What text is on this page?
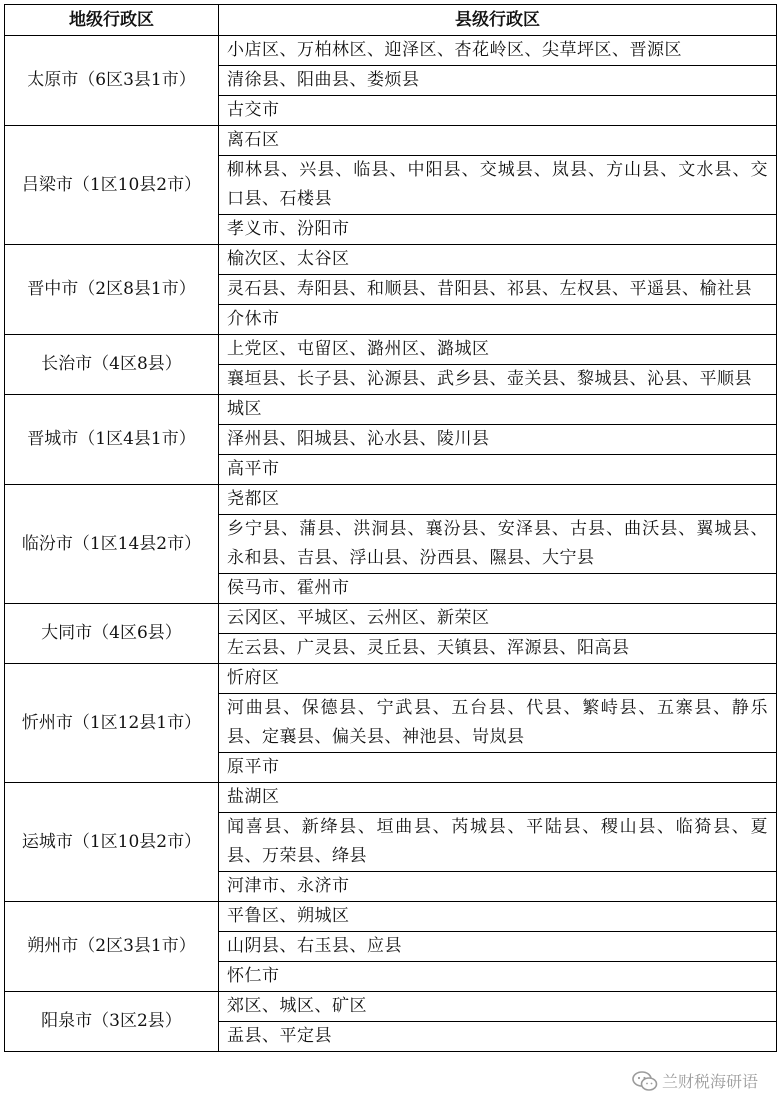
地级行政区	县级行政区
太原市（6区3县1市）	小店区、万柏林区、迎泽区、杏花岭区、尖草坪区、晋源区
	清徐县、阳曲县、娄烦县
	古交市
吕梁市（1区10县2市）	离石区
	柳林县、兴县、临县、中阳县、交城县、岚县、方山县、文水县、交口县、石楼县
	孝义市、汾阳市
晋中市（2区8县1市）	榆次区、太谷区
	灵石县、寿阳县、和顺县、昔阳县、祁县、左权县、平遥县、榆社县
	介休市
长治市（4区8县）	上党区、屯留区、潞州区、潞城区
	襄垣县、长子县、沁源县、武乡县、壶关县、黎城县、沁县、平顺县
晋城市（1区4县1市）	城区
	泽州县、阳城县、沁水县、陵川县
	高平市
临汾市（1区14县2市）	尧都区
	乡宁县、蒲县、洪洞县、襄汾县、安泽县、古县、曲沃县、翼城县、永和县、吉县、浮山县、汾西县、隰县、大宁县
	侯马市、霍州市
大同市（4区6县）	云冈区、平城区、云州区、新荣区
	左云县、广灵县、灵丘县、天镇县、浑源县、阳高县
忻州市（1区12县1市）	忻府区
	河曲县、保德县、宁武县、五台县、代县、繁峙县、五寨县、静乐县、定襄县、偏关县、神池县、岢岚县
	原平市
运城市（1区10县2市）	盐湖区
	闻喜县、新绛县、垣曲县、芮城县、平陆县、稷山县、临猗县、夏县、万荣县、绛县
	河津市、永济市
朔州市（2区3县1市）	平鲁区、朔城区
	山阴县、右玉县、应县
	怀仁市
阳泉市（3区2县）	郊区、城区、矿区
	盂县、平定县
兰财税海研语
